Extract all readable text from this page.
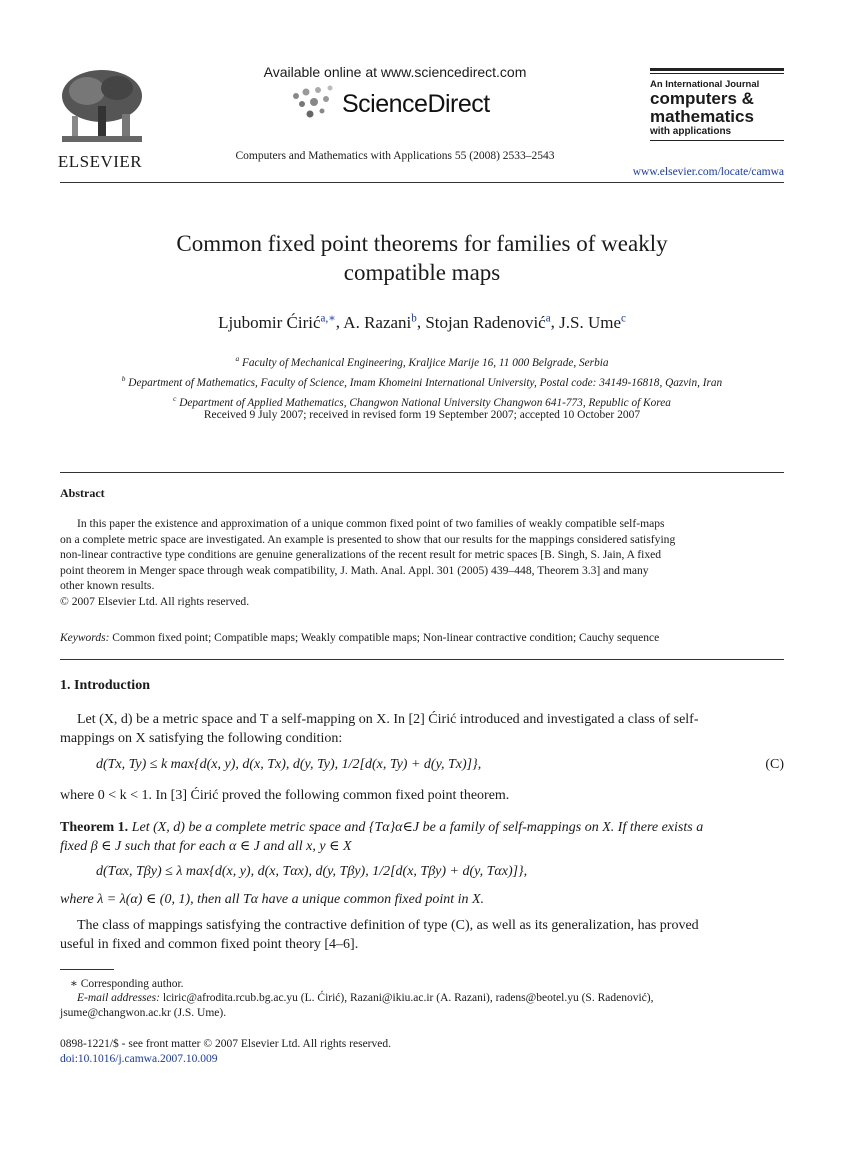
ELSEVIER
Available online at www.sciencedirect.com
ScienceDirect
Computers and Mathematics with Applications 55 (2008) 2533–2543
An International Journal
computers &
mathematics
with applications
www.elsevier.com/locate/camwa
Common fixed point theorems for families of weakly
compatible maps
Ljubomir Ćirić$^{a,∗}$, A. Razani$^b$, Stojan Radenović$^a$, J.S. Ume$^c$
$^a$ Faculty of Mechanical Engineering, Kraljice Marije 16, 11 000 Belgrade, Serbia
$^b$ Department of Mathematics, Faculty of Science, Imam Khomeini International University, Postal code: 34149-16818, Qazvin, Iran
$^c$ Department of Applied Mathematics, Changwon National University Changwon 641-773, Republic of Korea
Received 9 July 2007; received in revised form 19 September 2007; accepted 10 October 2007
Abstract
In this paper the existence and approximation of a unique common fixed point of two families of weakly compatible self-maps
on a complete metric space are investigated. An example is presented to show that our results for the mappings considered satisfying
non-linear contractive type conditions are genuine generalizations of the recent result for metric spaces [B. Singh, S. Jain, A fixed
point theorem in Menger space through weak compatibility, J. Math. Anal. Appl. 301 (2005) 439–448, Theorem 3.3] and many
other known results.
© 2007 Elsevier Ltd. All rights reserved.
Keywords: Common fixed point; Compatible maps; Weakly compatible maps; Non-linear contractive condition; Cauchy sequence
1. Introduction
Let (X, d) be a metric space and T a self-mapping on X. In [2] Ćirić introduced and investigated a class of self-
mappings on X satisfying the following condition:
d(Tx, Ty) ≤ k max{d(x, y), d(x, Tx), d(y, Ty), 1/2[d(x, Ty) + d(y, Tx)]},	(C)
where 0 < k < 1. In [3] Ćirić proved the following common fixed point theorem.
Theorem 1. Let (X, d) be a complete metric space and {Tα}α∈J be a family of self-mappings on X. If there exists a
fixed β ∈ J such that for each α ∈ J and all x, y ∈ X
d(Tαx, Tβy) ≤ λ max{d(x, y), d(x, Tαx), d(y, Tβy), 1/2[d(x, Tβy) + d(y, Tαx)]},
where λ = λ(α) ∈ (0, 1), then all Tα have a unique common fixed point in X.
The class of mappings satisfying the contractive definition of type (C), as well as its generalization, has proved
useful in fixed and common fixed point theory [4–6].
∗ Corresponding author.
E-mail addresses: lciric@afrodita.rcub.bg.ac.yu (L. Ćirić), Razani@ikiu.ac.ir (A. Razani), radens@beotel.yu (S. Radenović),
jsume@changwon.ac.kr (J.S. Ume).
0898-1221/$ - see front matter © 2007 Elsevier Ltd. All rights reserved.
doi:10.1016/j.camwa.2007.10.009
